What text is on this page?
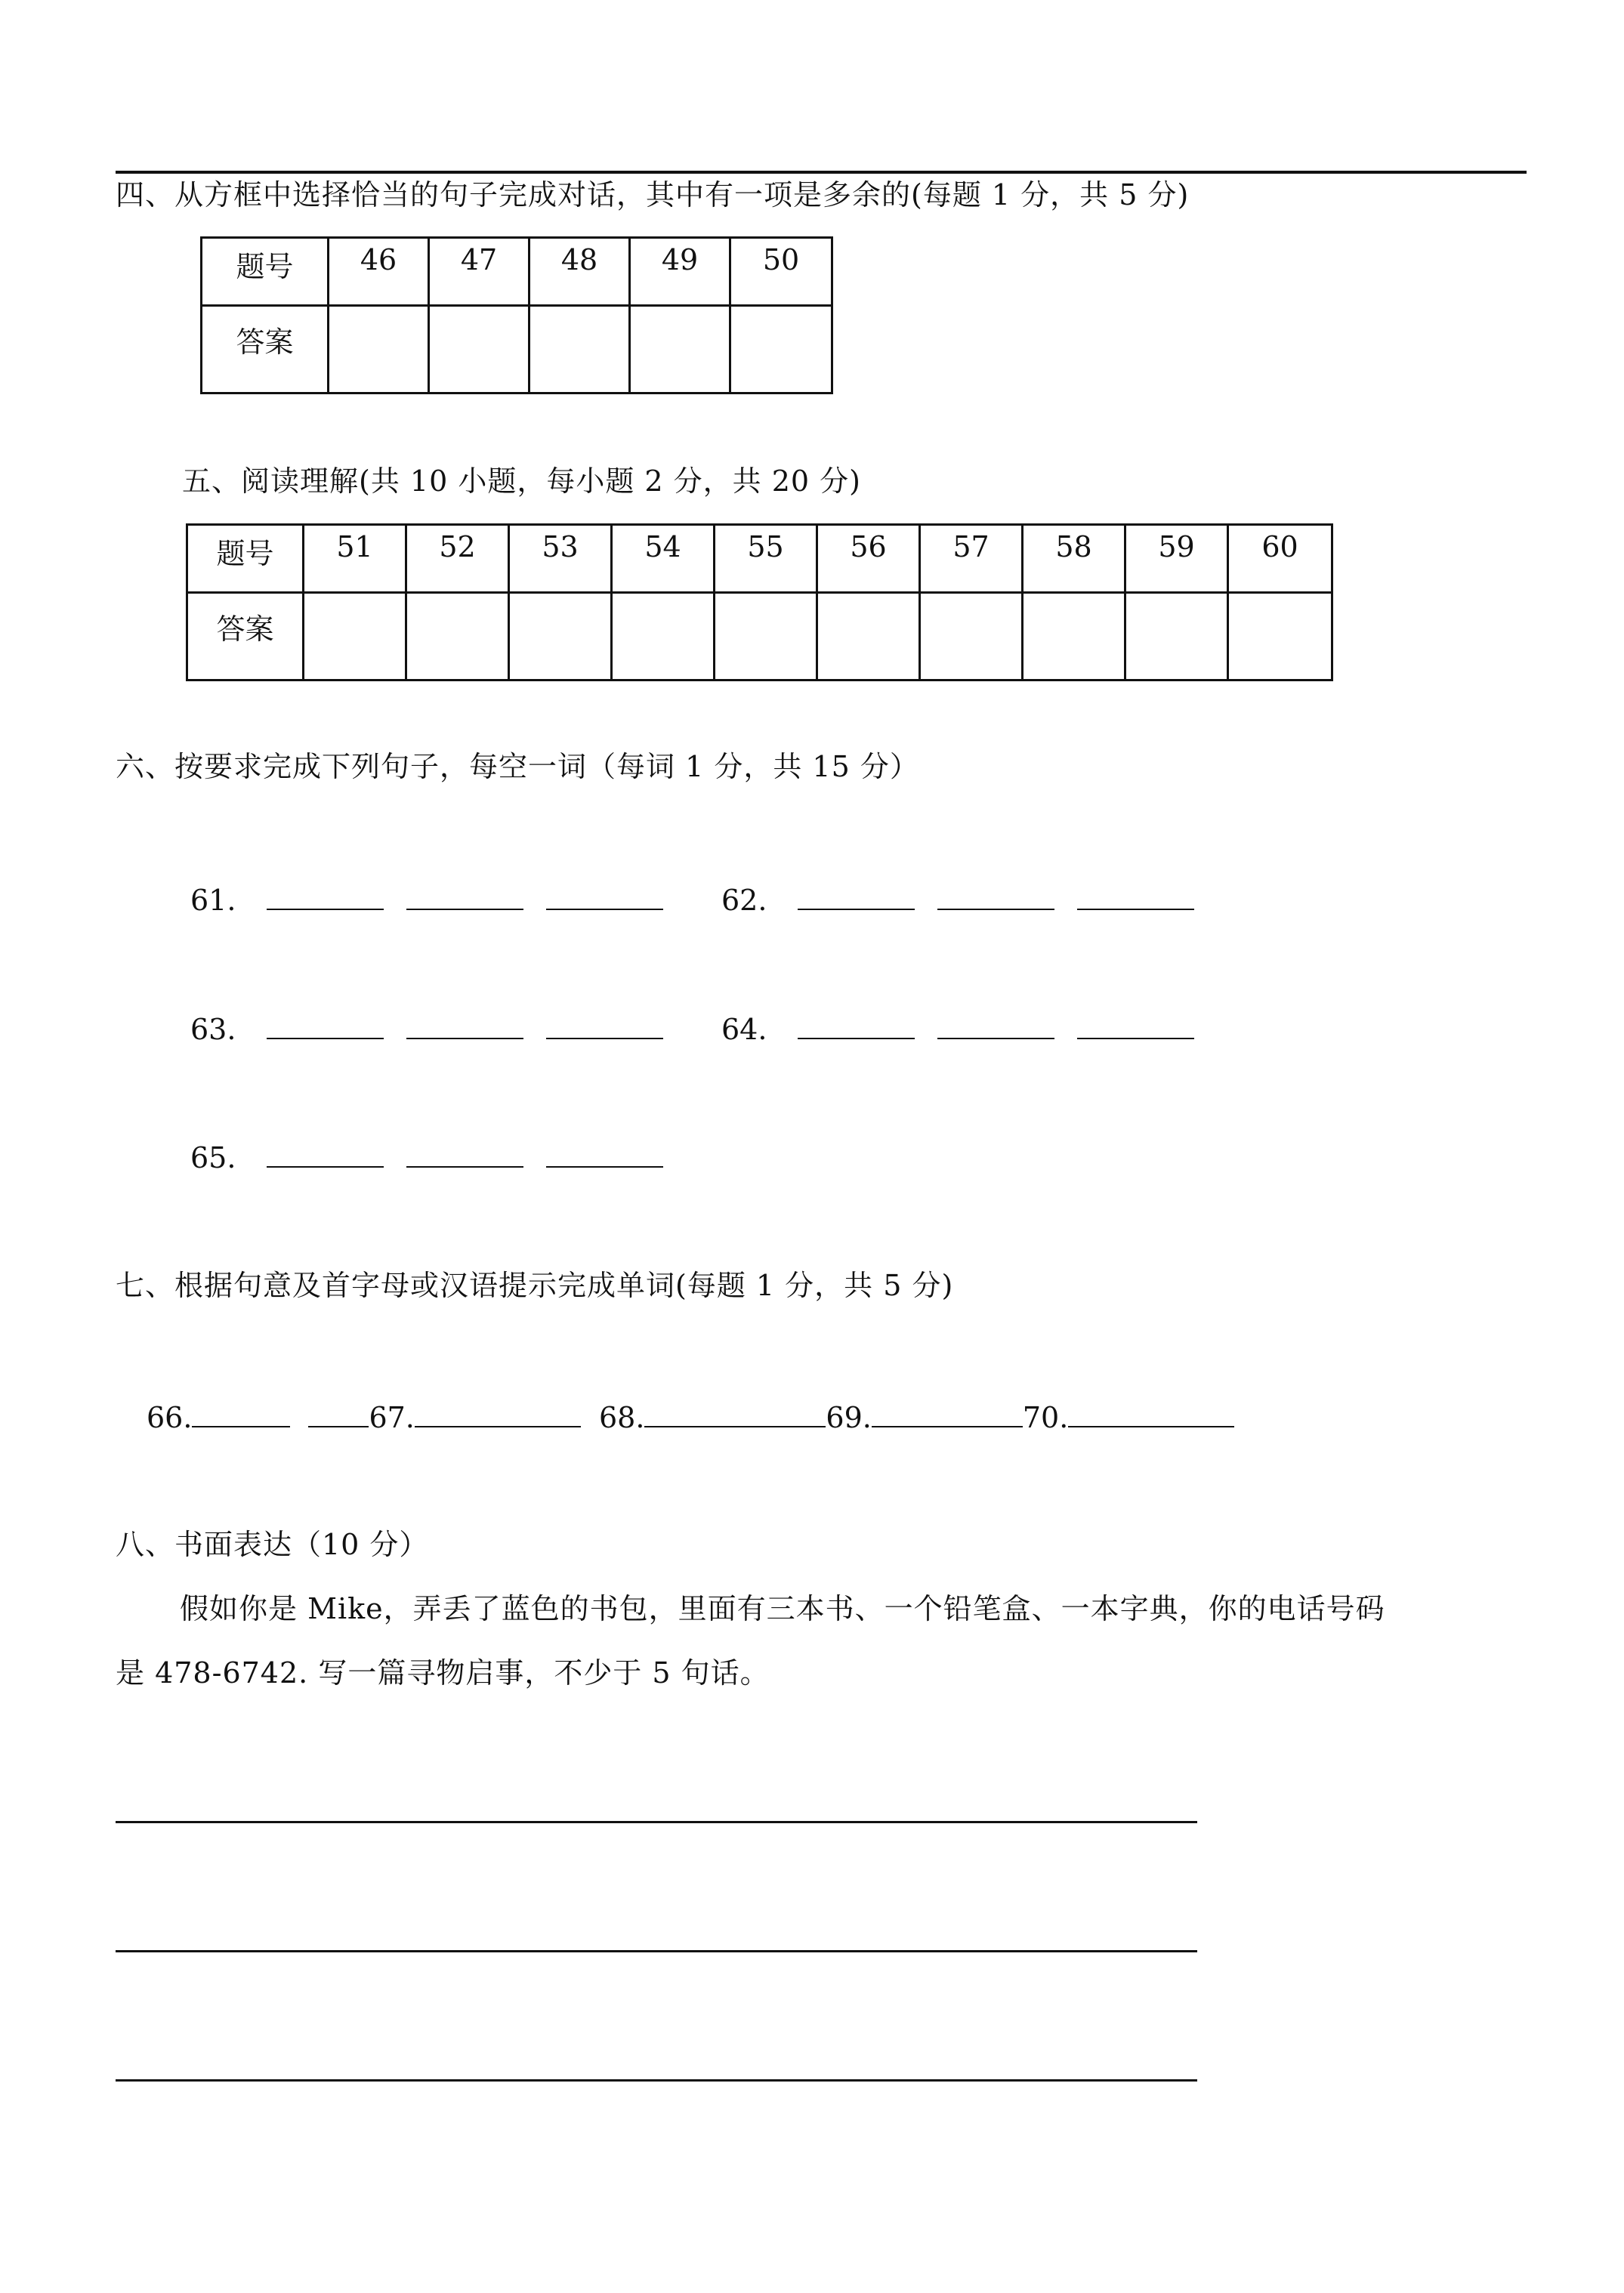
四、从方框中选择恰当的句子完成对话，其中有一项是多余的(每题 1 分，共 5 分)
题号	46	47	48	49	50
答案					
五、阅读理解(共 10 小题，每小题 2 分，共 20 分)
题号	51	52	53	54	55	56	57	58	59	60
答案										
六、按要求完成下列句子，每空一词（每词 1 分，共 15 分）
61.	62.
63.	64.
65.
七、根据句意及首字母或汉语提示完成单词(每题 1 分，共 5 分)
66.	67.	68.	69.	70.
八、书面表达（10 分）
假如你是 Mike，弄丢了蓝色的书包，里面有三本书、一个铅笔盒、一本字典，你的电话号码
是 478-6742. 写一篇寻物启事，不少于 5 句话。
